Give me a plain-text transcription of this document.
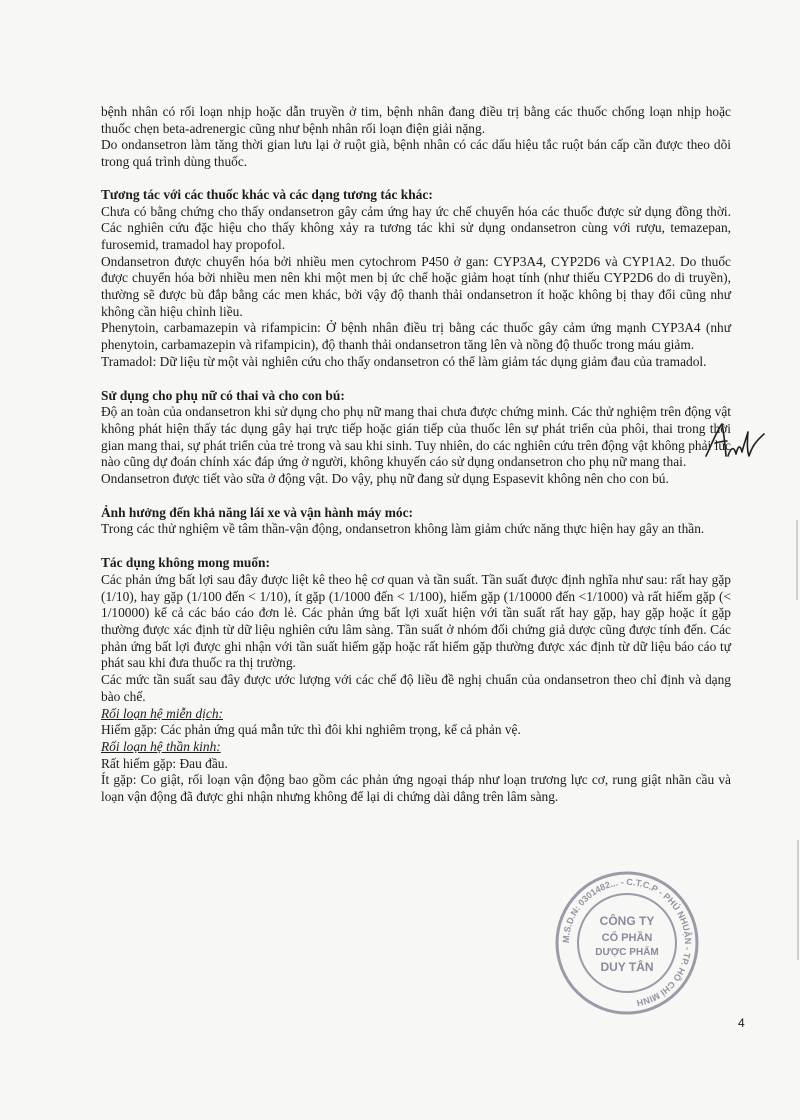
bệnh nhân có rối loạn nhịp hoặc dẫn truyền ở tim, bệnh nhân đang điều trị bằng các thuốc chống loạn nhịp hoặc thuốc chẹn beta-adrenergic cũng như bệnh nhân rối loạn điện giải nặng.

Do ondansetron làm tăng thời gian lưu lại ở ruột già, bệnh nhân có các dấu hiệu tắc ruột bán cấp cần được theo dõi trong quá trình dùng thuốc.

Tương tác với các thuốc khác và các dạng tương tác khác:

Chưa có bằng chứng cho thấy ondansetron gây cảm ứng hay ức chế chuyển hóa các thuốc được sử dụng đồng thời. Các nghiên cứu đặc hiệu cho thấy không xảy ra tương tác khi sử dụng ondansetron cùng với rượu, temazepan, furosemid, tramadol hay propofol.

Ondansetron được chuyển hóa bởi nhiều men cytochrom P450 ở gan: CYP3A4, CYP2D6 và CYP1A2. Do thuốc được chuyển hóa bởi nhiều men nên khi một men bị ức chế hoặc giảm hoạt tính (như thiếu CYP2D6 do di truyền), thường sẽ được bù đắp bằng các men khác, bởi vậy độ thanh thải ondansetron ít hoặc không bị thay đổi cũng như không cần hiệu chỉnh liều.

Phenytoin, carbamazepin và rifampicin: Ở bệnh nhân điều trị bằng các thuốc gây cảm ứng mạnh CYP3A4 (như phenytoin, carbamazepin và rifampicin), độ thanh thải ondansetron tăng lên và nồng độ thuốc trong máu giảm.

Tramadol: Dữ liệu từ một vài nghiên cứu cho thấy ondansetron có thể làm giảm tác dụng giảm đau của tramadol.

Sử dụng cho phụ nữ có thai và cho con bú:

Độ an toàn của ondansetron khi sử dụng cho phụ nữ mang thai chưa được chứng minh. Các thử nghiệm trên động vật không phát hiện thấy tác dụng gây hại trực tiếp hoặc gián tiếp của thuốc lên sự phát triển của phôi, thai trong thời gian mang thai, sự phát triển của trẻ trong và sau khi sinh. Tuy nhiên, do các nghiên cứu trên động vật không phải lúc nào cũng dự đoán chính xác đáp ứng ở người, không khuyến cáo sử dụng ondansetron cho phụ nữ mang thai.

Ondansetron được tiết vào sữa ở động vật. Do vậy, phụ nữ đang sử dụng Espasevit không nên cho con bú.

Ảnh hưởng đến khả năng lái xe và vận hành máy móc:

Trong các thử nghiệm về tâm thần-vận động, ondansetron không làm giảm chức năng thực hiện hay gây an thần.

Tác dụng không mong muốn:

Các phản ứng bất lợi sau đây được liệt kê theo hệ cơ quan và tần suất. Tần suất được định nghĩa như sau: rất hay gặp (1/10), hay gặp (1/100 đến < 1/10), ít gặp (1/1000 đến < 1/100), hiếm gặp (1/10000 đến <1/1000) và rất hiếm gặp (< 1/10000) kể cả các báo cáo đơn lẻ. Các phản ứng bất lợi xuất hiện với tần suất rất hay gặp, hay gặp hoặc ít gặp thường được xác định từ dữ liệu nghiên cứu lâm sàng. Tần suất ở nhóm đối chứng giả dược cũng được tính đến. Các phản ứng bất lợi được ghi nhận với tần suất hiếm gặp hoặc rất hiếm gặp thường được xác định từ dữ liệu báo cáo tự phát sau khi đưa thuốc ra thị trường.

Các mức tần suất sau đây được ước lượng với các chế độ liều đề nghị chuẩn của ondansetron theo chỉ định và dạng bào chế.

Rối loạn hệ miễn dịch:

Hiếm gặp: Các phản ứng quá mẫn tức thì đôi khi nghiêm trọng, kể cả phản vệ.

Rối loạn hệ thần kinh:

Rất hiếm gặp: Đau đầu.

Ít gặp: Co giật, rối loạn vận động bao gồm các phản ứng ngoại tháp như loạn trương lực cơ, rung giật nhãn cầu và loạn vận động đã được ghi nhận nhưng không để lại di chứng dài dẳng trên lâm sàng.

M.S.D.N: 0301482... - C.T.C.P - PHÚ NHUẬN - TP. HỒ CHÍ MINH
CÔNG TY
CỔ PHẦN
DƯỢC PHẨM
DUY TÂN
4
